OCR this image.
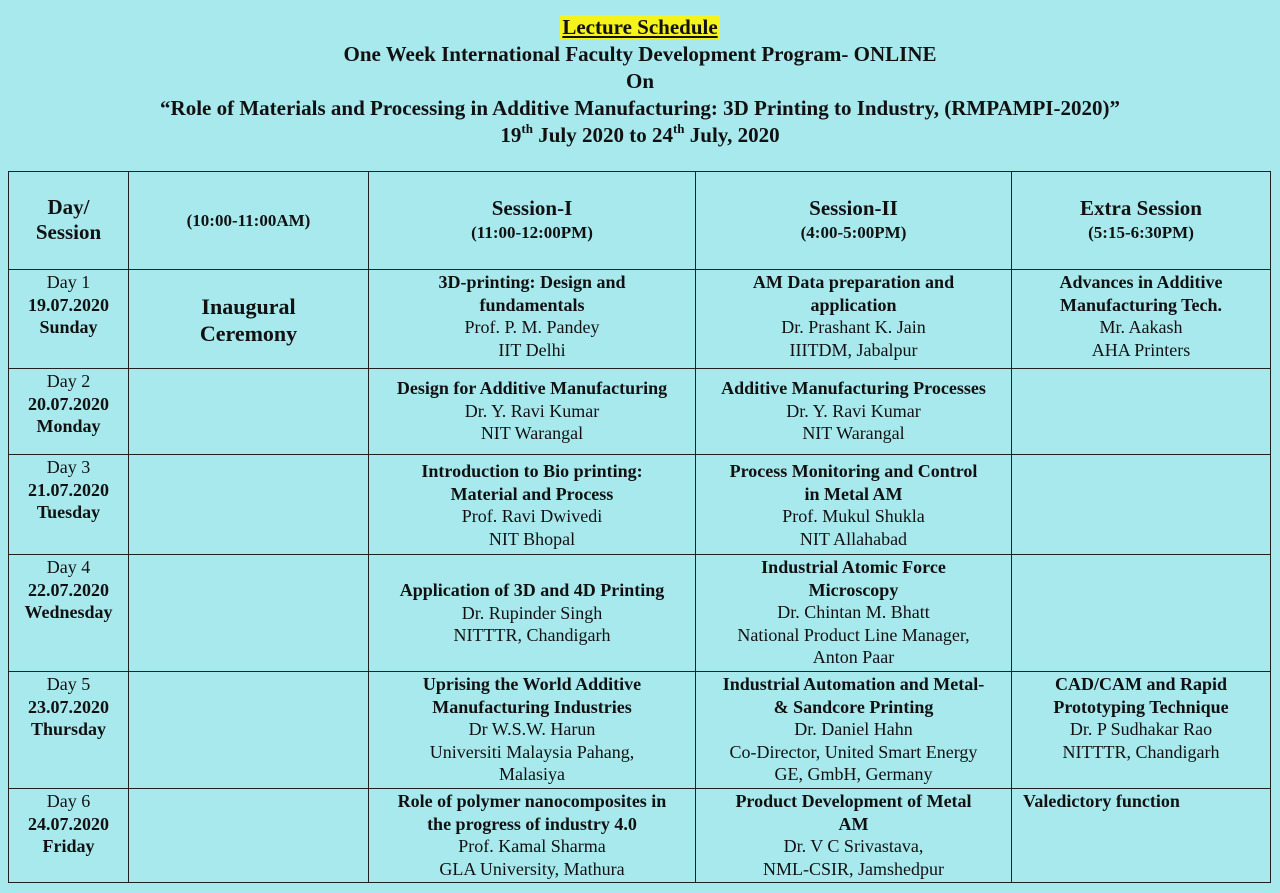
Lecture Schedule
One Week International Faculty Development Program- ONLINE
On
“Role of Materials and Processing in Additive Manufacturing: 3D Printing to Industry, (RMPAMPI-2020)”
19th July 2020 to 24th July, 2020
Day/
Session	(10:00-11:00AM)	Session-I
(11:00-12:00PM)	Session-II
(4:00-5:00PM)	Extra Session
(5:15-6:30PM)

Day 1
19.07.2020
Sunday	Inaugural
Ceremony	3D-printing: Design and
fundamentals
Prof. P. M. Pandey
IIT Delhi	AM Data preparation and
application
Dr. Prashant K. Jain
IIITDM, Jabalpur	Advances in Additive
Manufacturing Tech.
Mr. Aakash
AHA Printers

Day 2
20.07.2020
Monday		Design for Additive Manufacturing
Dr. Y. Ravi Kumar
NIT Warangal	Additive Manufacturing Processes
Dr. Y. Ravi Kumar
NIT Warangal	

Day 3
21.07.2020
Tuesday		Introduction to Bio printing:
Material and Process
Prof. Ravi Dwivedi
NIT Bhopal	Process Monitoring and Control
in Metal AM
Prof. Mukul Shukla
NIT Allahabad	

Day 4
22.07.2020
Wednesday		Application of 3D and 4D Printing
Dr. Rupinder Singh
NITTTR, Chandigarh	Industrial Atomic Force
Microscopy
Dr. Chintan M. Bhatt
National Product Line Manager,
Anton Paar	

Day 5
23.07.2020
Thursday		Uprising the World Additive
Manufacturing Industries
Dr W.S.W. Harun
Universiti Malaysia Pahang,
Malasiya	Industrial Automation and Metal-
& Sandcore Printing
Dr. Daniel Hahn
Co-Director, United Smart Energy
GE, GmbH, Germany	CAD/CAM and Rapid
Prototyping Technique
Dr. P Sudhakar Rao
NITTTR, Chandigarh

Day 6
24.07.2020
Friday		Role of polymer nanocomposites in
the progress of industry 4.0
Prof. Kamal Sharma
GLA University, Mathura	Product Development of Metal
AM
Dr. V C Srivastava,
NML-CSIR, Jamshedpur	Valedictory function
